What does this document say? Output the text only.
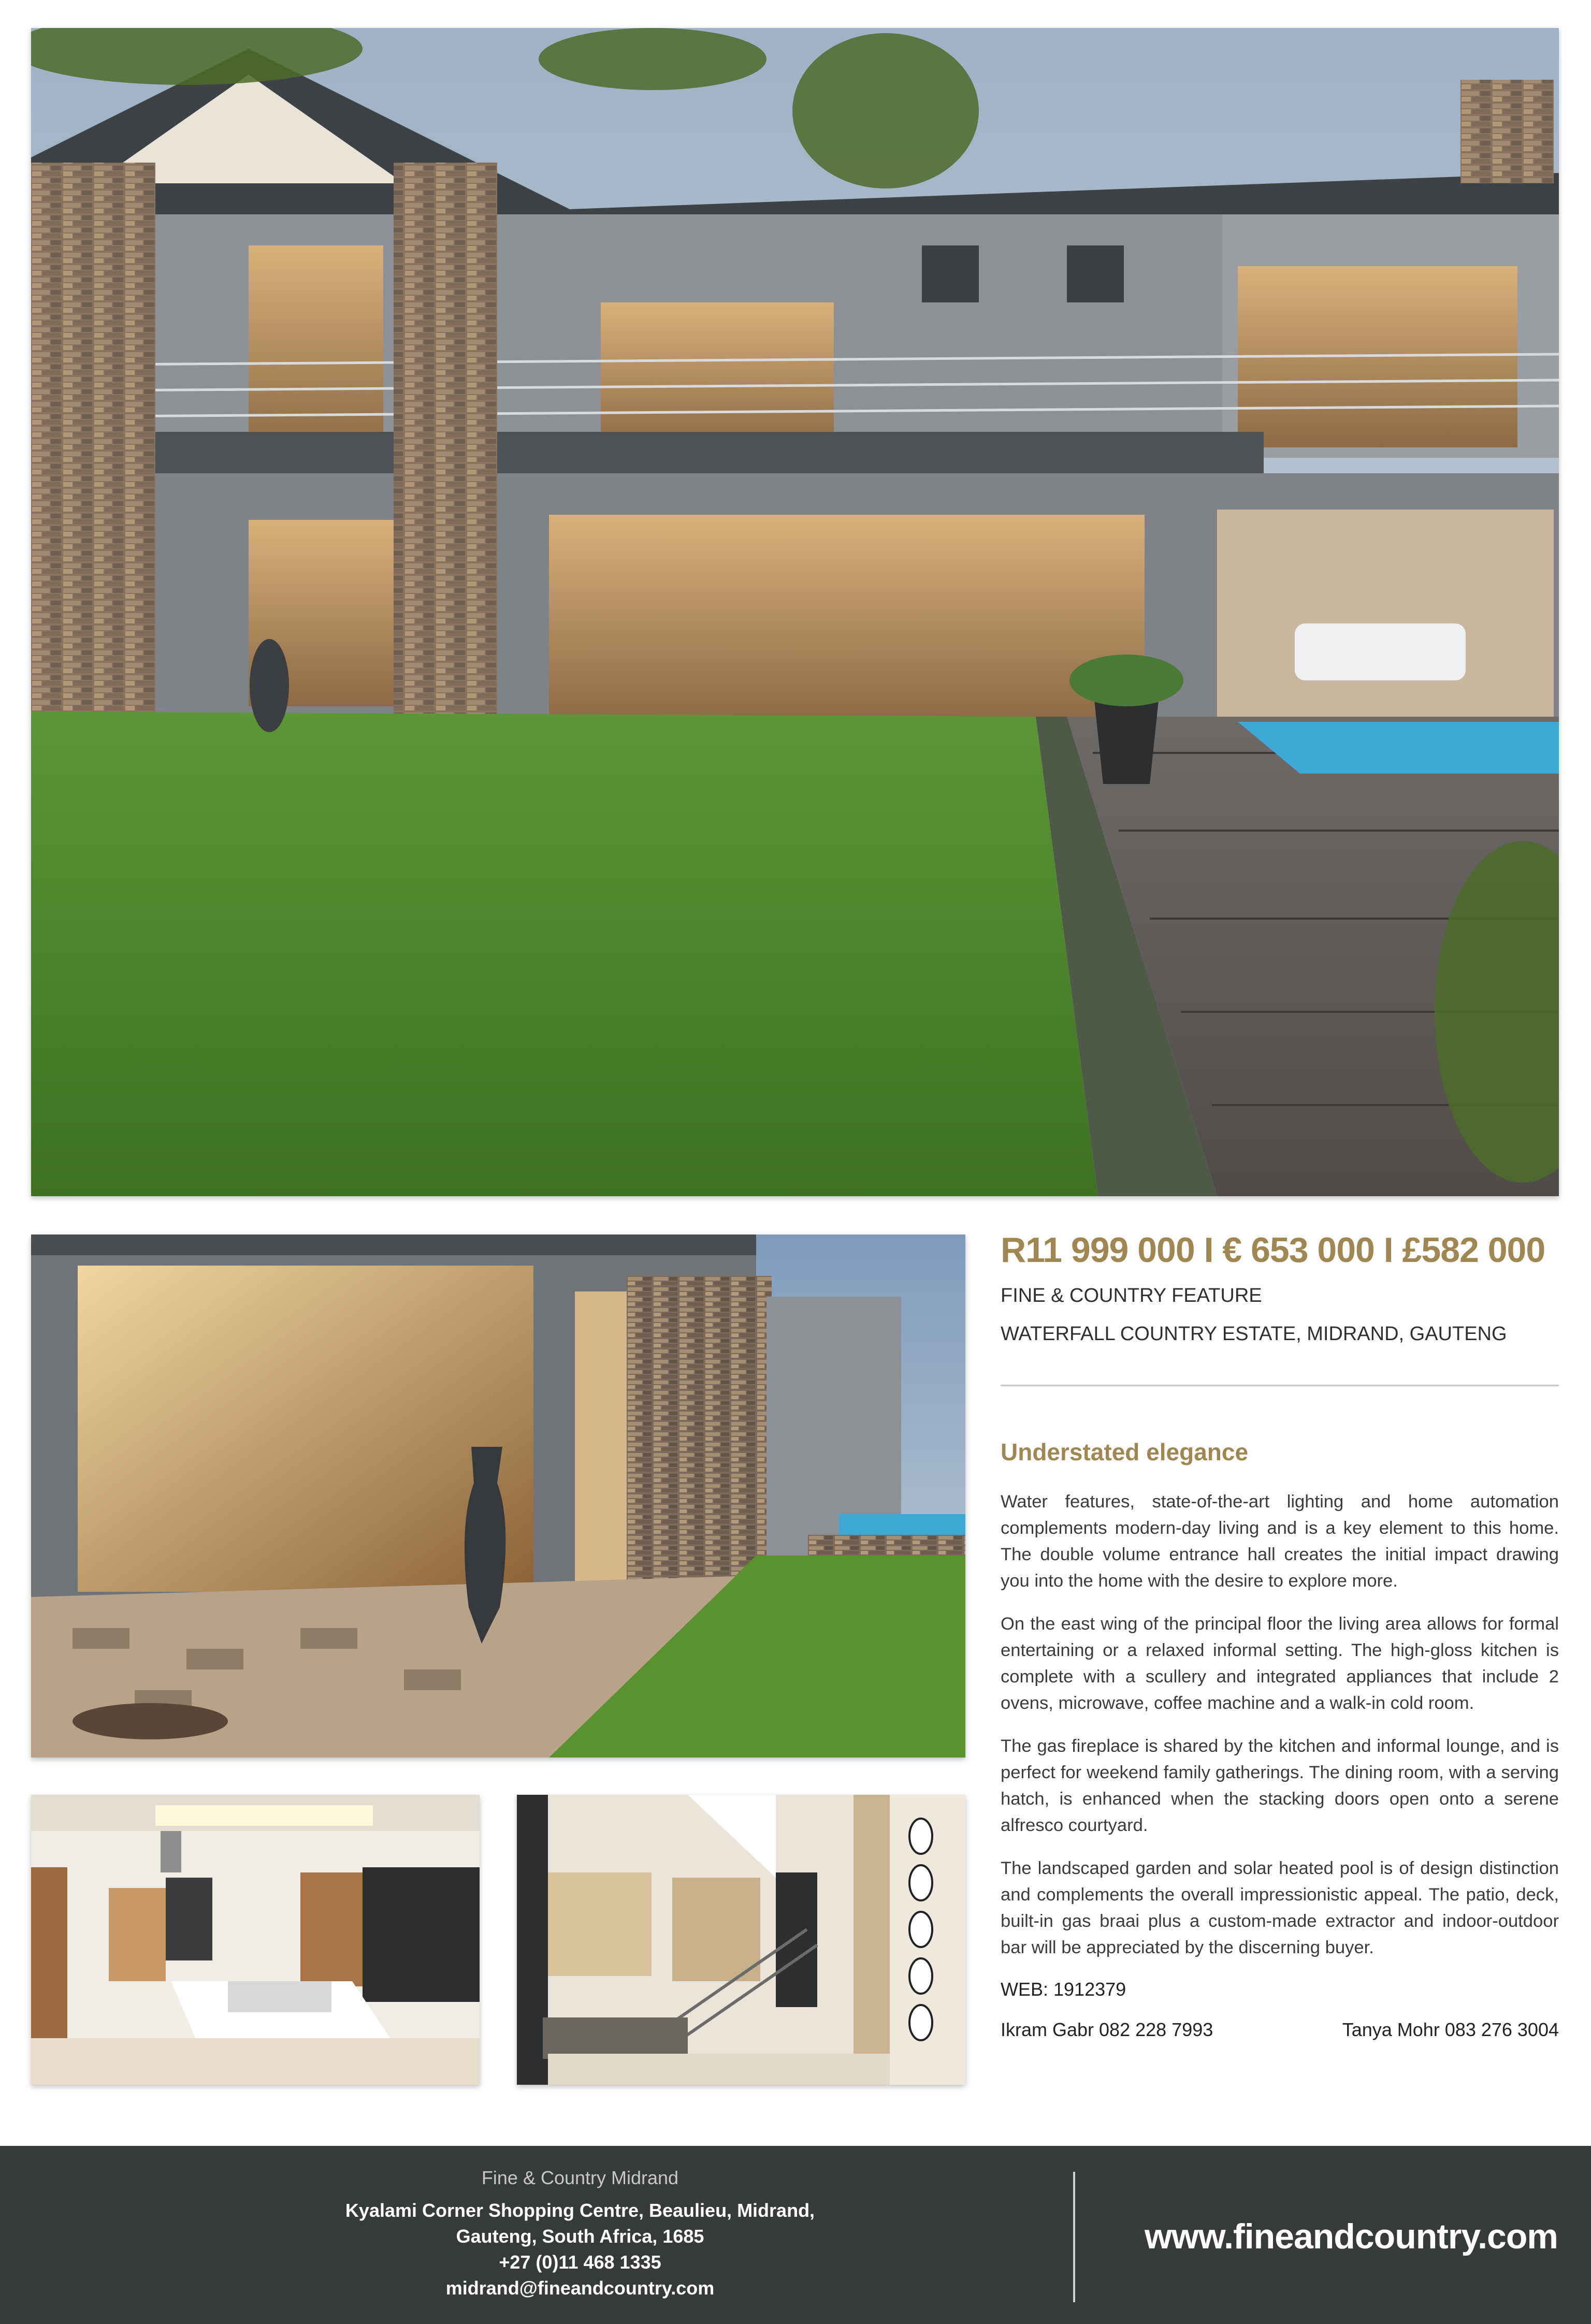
R11 999 000 I € 653 000 I £582 000

FINE & COUNTRY FEATURE

WATERFALL COUNTRY ESTATE, MIDRAND, GAUTENG

Understated elegance

Water features, state-of-the-art lighting and home automation complements modern-day living and is a key element to this home. The double volume entrance hall creates the initial impact drawing you into the home with the desire to explore more.

On the east wing of the principal floor the living area allows for formal entertaining or a relaxed informal setting. The high-gloss kitchen is complete with a scullery and integrated appliances that include 2 ovens, microwave, coffee machine and a walk-in cold room.

The gas fireplace is shared by the kitchen and informal lounge, and is perfect for weekend family gatherings. The dining room, with a serving hatch, is enhanced when the stacking doors open onto a serene alfresco courtyard.

The landscaped garden and solar heated pool is of design distinction and complements the overall impressionistic appeal. The patio, deck, built-in gas braai plus a custom-made extractor and indoor-outdoor bar will be appreciated by the discerning buyer.

WEB: 1912379
Ikram Gabr 082 228 7993	Tanya Mohr 083 276 3004
Fine & Country Midrand
Kyalami Corner Shopping Centre, Beaulieu, Midrand,
Gauteng, South Africa, 1685
+27 (0)11 468 1335
midrand@fineandcountry.com
www.fineandcountry.com
